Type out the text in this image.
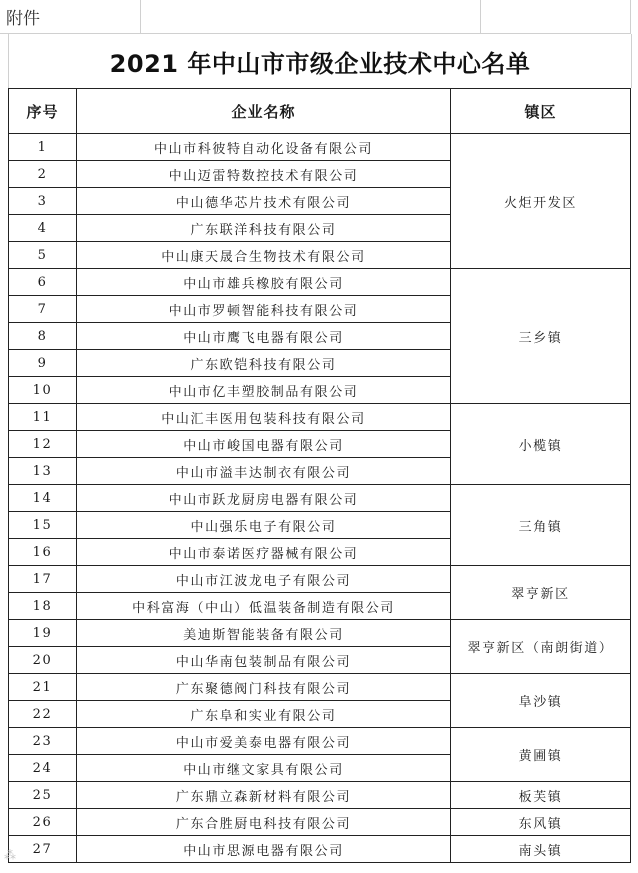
附件
2021 年中山市市级企业技术中心名单
序号	企业名称	镇区
1	中山市科彼特自动化设备有限公司	火炬开发区
2	中山迈雷特数控技术有限公司	
3	中山德华芯片技术有限公司	
4	广东联洋科技有限公司	
5	中山康天晟合生物技术有限公司	
6	中山市雄兵橡胶有限公司	三乡镇
7	中山市罗顿智能科技有限公司	
8	中山市鹰飞电器有限公司	
9	广东欧铠科技有限公司	
10	中山市亿丰塑胶制品有限公司	
11	中山汇丰医用包装科技有限公司	小榄镇
12	中山市峻国电器有限公司	
13	中山市溢丰达制衣有限公司	
14	中山市跃龙厨房电器有限公司	三角镇
15	中山强乐电子有限公司	
16	中山市泰诺医疗器械有限公司	
17	中山市江波龙电子有限公司	翠亨新区
18	中科富海（中山）低温装备制造有限公司	
19	美迪斯智能装备有限公司	翠亨新区（南朗街道）
20	中山华南包装制品有限公司	
21	广东聚德阀门科技有限公司	阜沙镇
22	广东阜和实业有限公司	
23	中山市爱美泰电器有限公司	黄圃镇
24	中山市继文家具有限公司	
25	广东鼎立森新材料有限公司	板芙镇
26	广东合胜厨电科技有限公司	东风镇
27	中山市思源电器有限公司	南头镇
⁂
